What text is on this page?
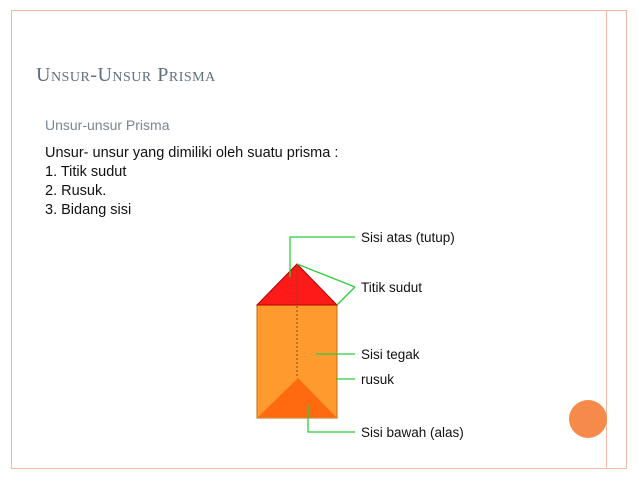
Unsur-Unsur Prisma
Unsur-unsur Prisma
Unsur- unsur yang dimiliki oleh suatu prisma :
1. Titik sudut
2. Rusuk.
3. Bidang sisi
Sisi atas (tutup)
Titik sudut
Sisi tegak
rusuk
Sisi bawah (alas)
